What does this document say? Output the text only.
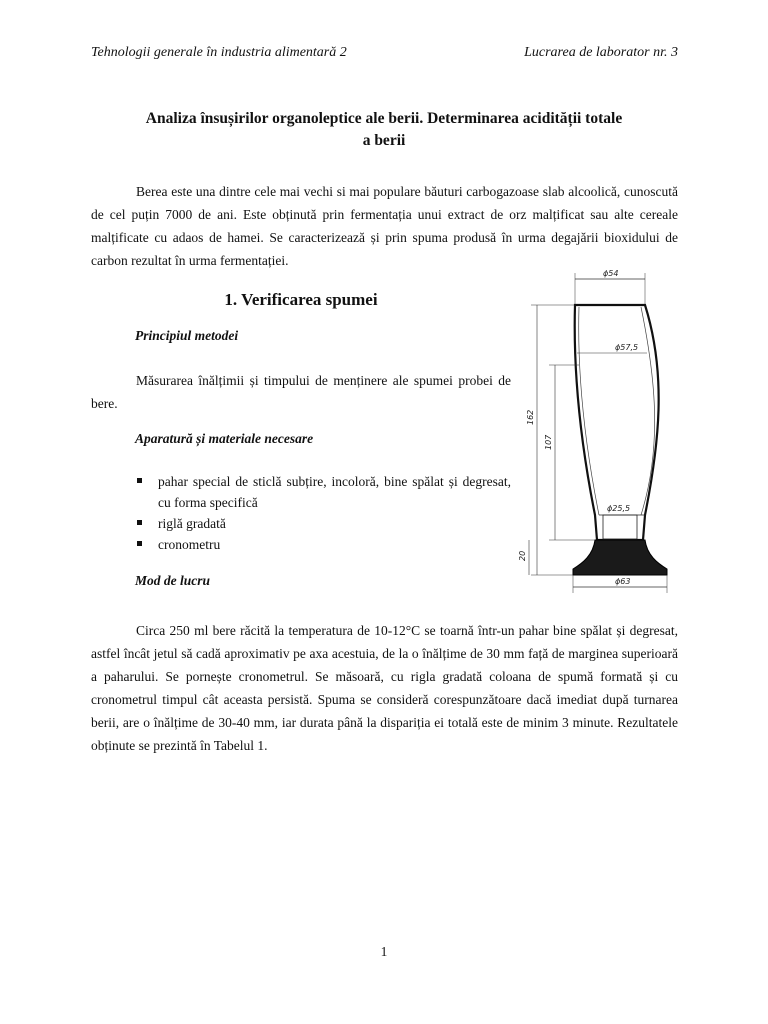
Tehnologii generale în industria alimentară 2	Lucrarea de laborator nr. 3
Analiza însușirilor organoleptice ale berii. Determinarea acidității totale
a berii

Berea este una dintre cele mai vechi si mai populare băuturi carbogazoase slab alcoolică, cunoscută de cel puțin 7000 de ani. Este obținută prin fermentația unui extract de orz malțificat sau alte cereale malțificate cu adaos de hamei. Se caracterizează și prin spuma produsă în urma degajării bioxidului de carbon rezultat în urma fermentației.

1. Verificarea spumei
Principiul metodei

Măsurarea înălțimii și timpului de menținere ale spumei probei de bere.

Aparatură și materiale necesare
pahar special de sticlă subțire, incoloră, bine spălat și degresat, cu forma specifică
riglă gradată
cronometru
Mod de lucru

Circa 250 ml bere răcită la temperatura de 10-12°C se toarnă într-un pahar bine spălat și degresat, astfel încât jetul să cadă aproximativ pe axa acestuia, de la o înălțime de 30 mm față de marginea superioară a paharului. Se pornește cronometrul. Se măsoară, cu rigla gradată coloana de spumă formată și cu cronometrul timpul cât aceasta persistă. Spuma se consideră corespunzătoare dacă imediat după turnarea berii, are o înălțime de 30-40 mm, iar durata până la dispariția ei totală este de minim 3 minute. Rezultatele obținute se prezintă în Tabelul 1.

ϕ54
ϕ57,5
ϕ25,5
ϕ63
162
107
20
1
